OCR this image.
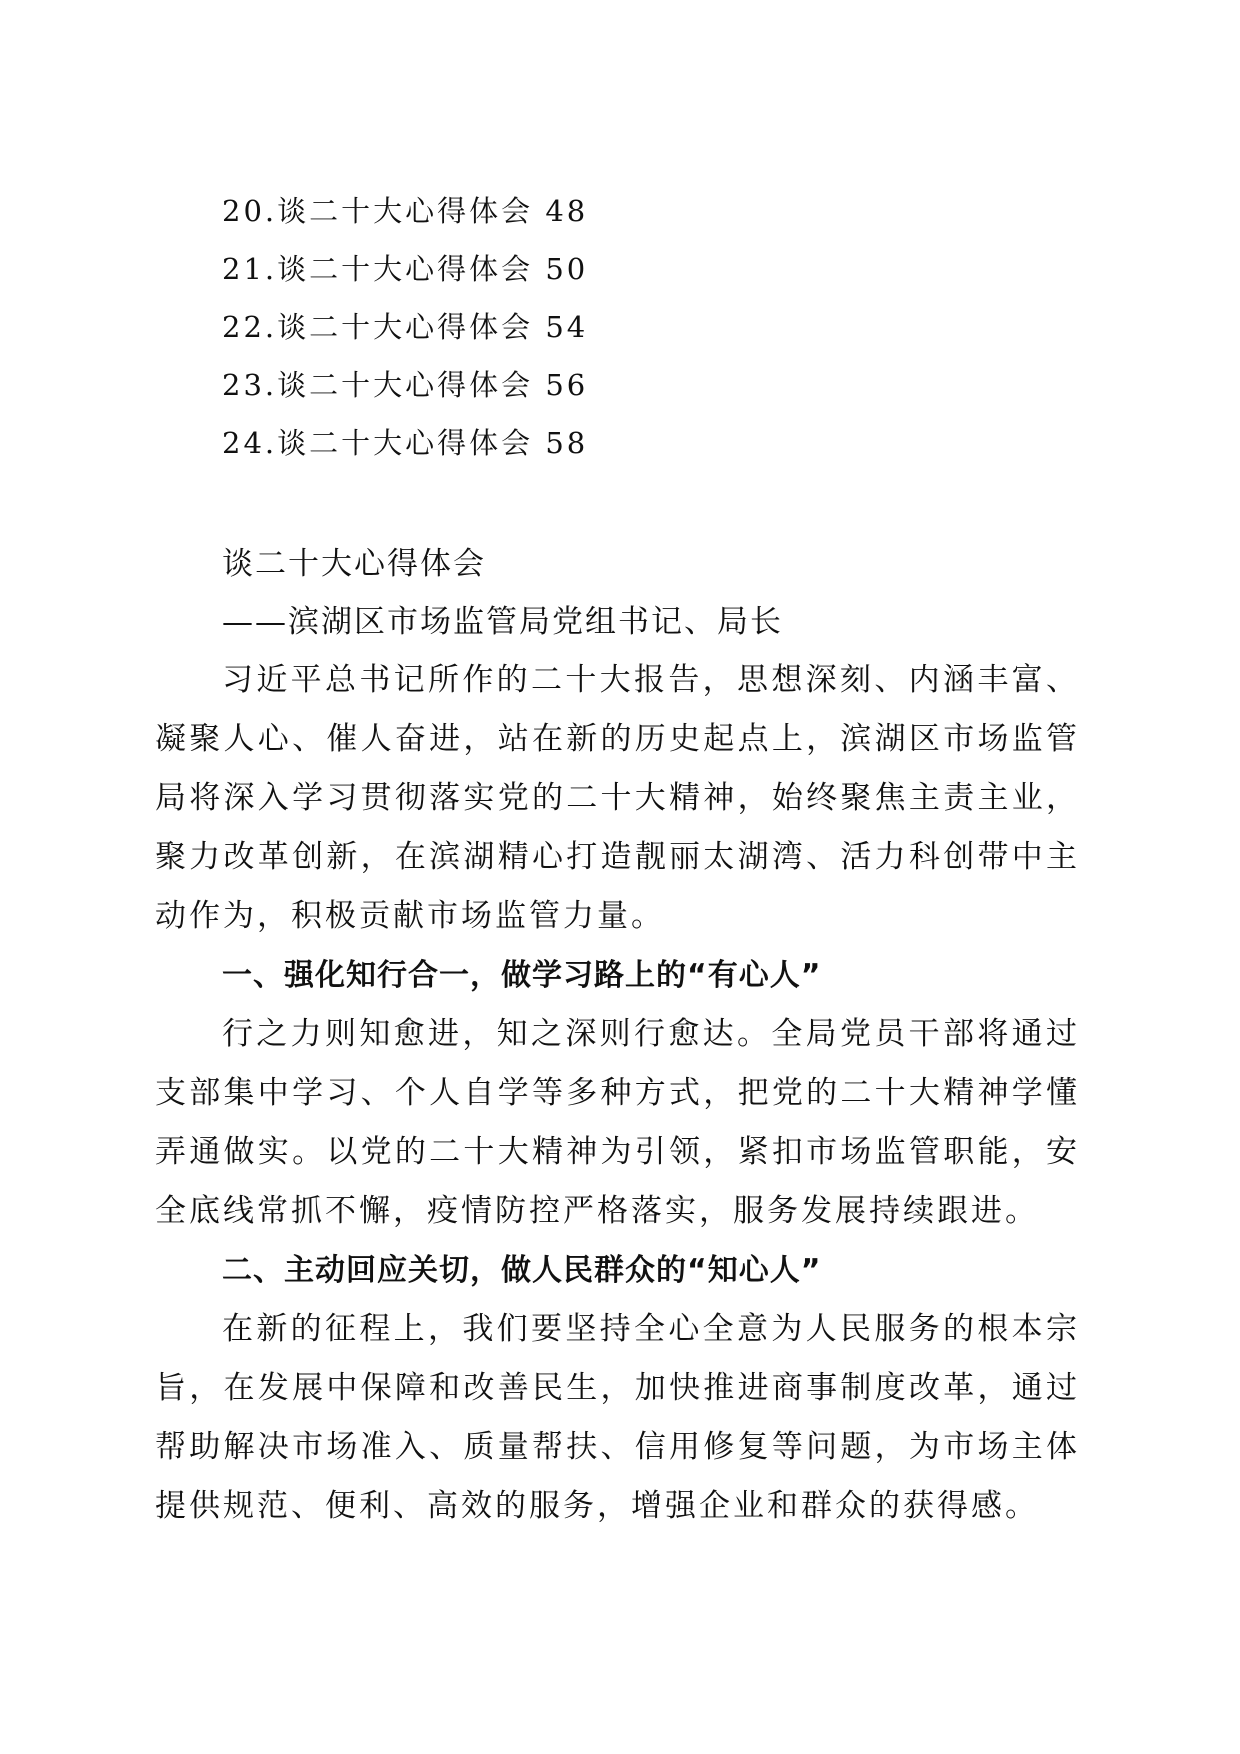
20.谈二十大心得体会 48
21.谈二十大心得体会 50
22.谈二十大心得体会 54
23.谈二十大心得体会 56
24.谈二十大心得体会 58
谈二十大心得体会
——滨湖区市场监管局党组书记、局长

习近平总书记所作的二十大报告，思想深刻、内涵丰富、凝聚人心、催人奋进，站在新的历史起点上，滨湖区市场监管局将深入学习贯彻落实党的二十大精神，始终聚焦主责主业，聚力改革创新，在滨湖精心打造靓丽太湖湾、活力科创带中主动作为，积极贡献市场监管力量。

一、强化知行合一，做学习路上的“有心人”

行之力则知愈进，知之深则行愈达。全局党员干部将通过支部集中学习、个人自学等多种方式，把党的二十大精神学懂弄通做实。以党的二十大精神为引领，紧扣市场监管职能，安全底线常抓不懈，疫情防控严格落实，服务发展持续跟进。

二、主动回应关切，做人民群众的“知心人”

在新的征程上，我们要坚持全心全意为人民服务的根本宗旨，在发展中保障和改善民生，加快推进商事制度改革，通过帮助解决市场准入、质量帮扶、信用修复等问题，为市场主体提供规范、便利、高效的服务，增强企业和群众的获得感。
